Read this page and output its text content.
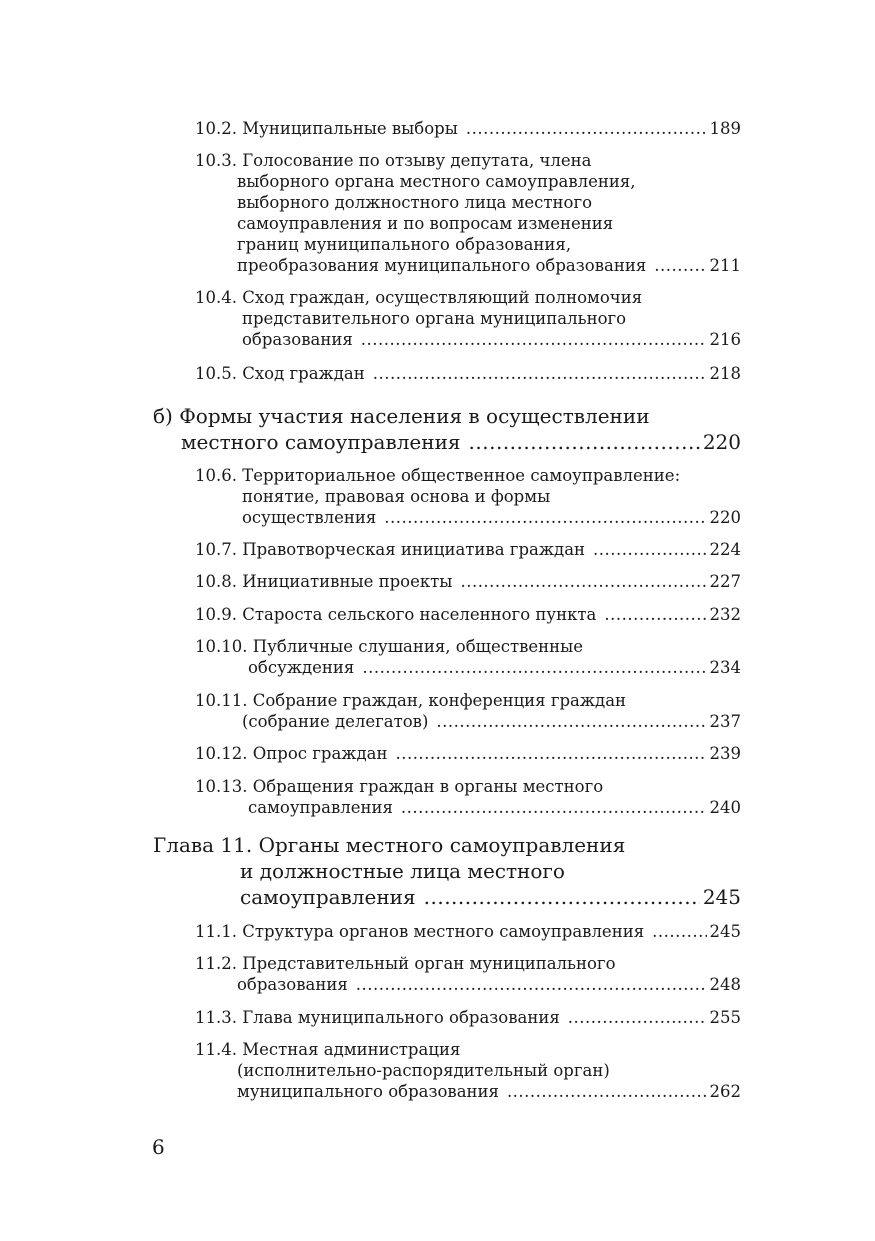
10.2. Муниципальные выборы .....	189
10.3. Голосование по отзыву депутата, члена
выборного органа местного самоуправления,
выборного должностного лица местного
самоуправления и по вопросам изменения
границ муниципального образования,
преобразования муниципального образования .....	211
10.4. Сход граждан, осуществляющий полномочия
представительного органа муниципального
образования .....	216
10.5. Сход граждан .....	218
б) Формы участия населения в осуществлении
местного самоуправления .....	220
10.6. Территориальное общественное самоуправление:
понятие, правовая основа и формы
осуществления .....	220
10.7. Правотворческая инициатива граждан .....	224
10.8. Инициативные проекты .....	227
10.9. Староста сельского населенного пункта .....	232
10.10. Публичные слушания, общественные
обсуждения .....	234
10.11. Собрание граждан, конференция граждан
(собрание делегатов) .....	237
10.12. Опрос граждан .....	239
10.13. Обращения граждан в органы местного
самоуправления .....	240
Глава 11. Органы местного самоуправления
и должностные лица местного
самоуправления .....	245
11.1. Структура органов местного самоуправления .....	245
11.2. Представительный орган муниципального
образования .....	248
11.3. Глава муниципального образования .....	255
11.4. Местная администрация
(исполнительно-распорядительный орган)
муниципального образования .....	262
6
